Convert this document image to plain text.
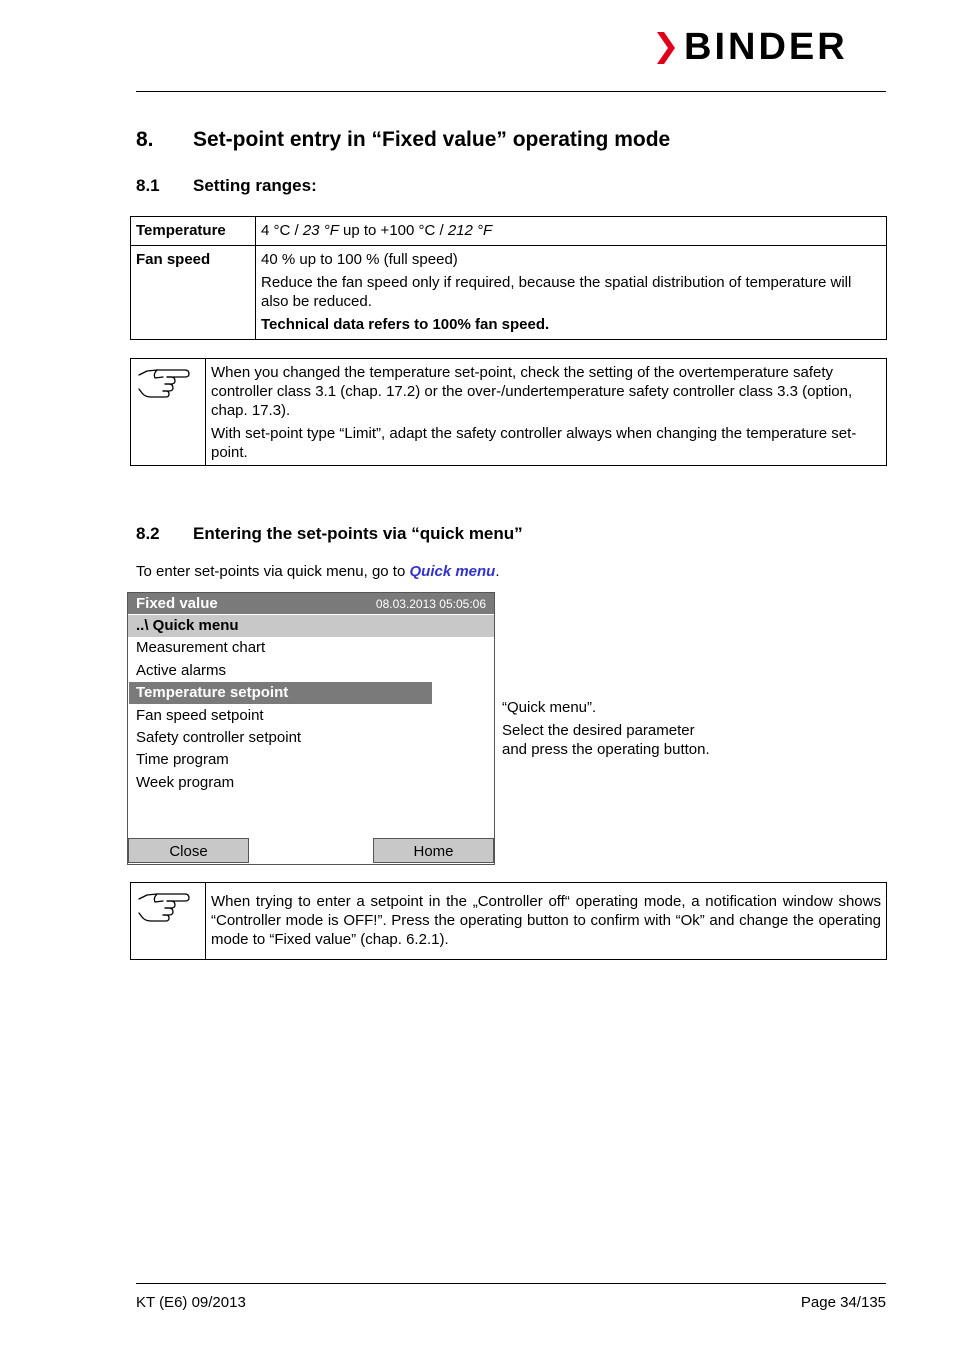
BINDER
8. Set-point entry in “Fixed value” operating mode
8.1 Setting ranges:
Temperature	4 °C / 23 °F up to +100 °C / 212 °F
Fan speed	40 % up to 100 % (full speed)

Reduce the fan speed only if required, because the spatial distribution of temperature will also be reduced.

Technical data refers to 100% fan speed.

When you changed the temperature set-point, check the setting of the overtemperature safety controller class 3.1 (chap. 17.2) or the over-/undertemperature safety controller class 3.3 (option, chap. 17.3).

With set-point type “Limit”, adapt the safety controller always when changing the temperature set-point.

8.2 Entering the set-points via “quick menu”
To enter set-points via quick menu, go to Quick menu.
Fixed value	08.03.2013 05:05:06
..\ Quick menu
Measurement chart
Active alarms
Temperature setpoint
Fan speed setpoint
Safety controller setpoint
Time program
Week program
Close	Home
“Quick menu”.
Select the desired parameter
and press the operating button.

When trying to enter a setpoint in the „Controller off“ operating mode, a notification window shows “Controller mode is OFF!”. Press the operating button to confirm with “Ok” and change the operating mode to “Fixed value” (chap. 6.2.1).

KT (E6) 09/2013	Page 34/135
